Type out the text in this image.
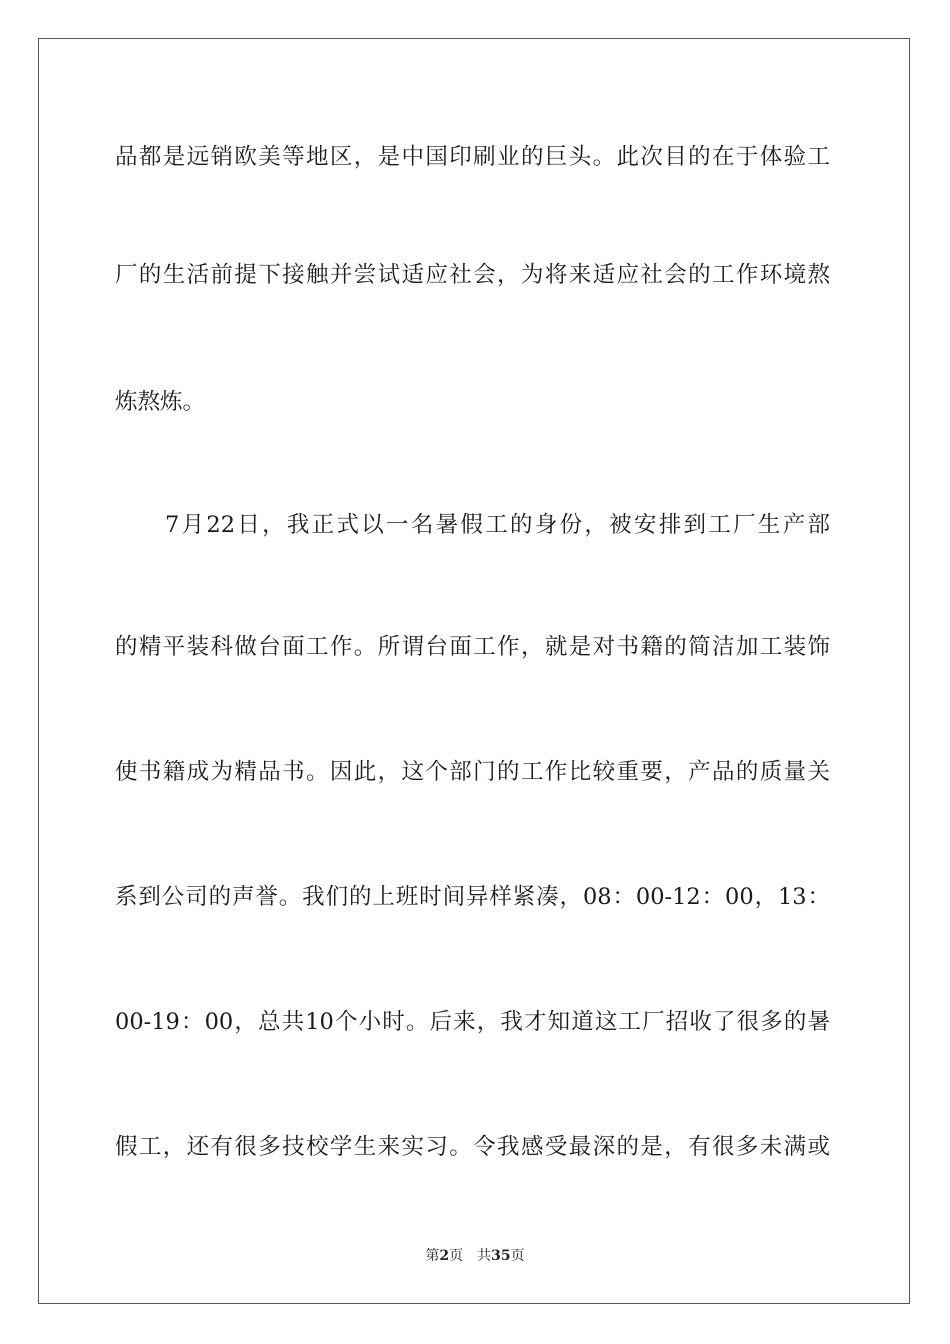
品都是远销欧美等地区，是中国印刷业的巨头。此次目的在于体验工
厂的生活前提下接触并尝试适应社会，为将来适应社会的工作环境熬
炼熬炼。
7月22日，我正式以一名暑假工的身份，被安排到工厂生产部
的精平装科做台面工作。所谓台面工作，就是对书籍的简洁加工装饰
使书籍成为精品书。因此，这个部门的工作比较重要，产品的质量关
系到公司的声誉。我们的上班时间异样紧凑，08：00-12：00，13：
00-19：00，总共10个小时。后来，我才知道这工厂招收了很多的暑
假工，还有很多技校学生来实习。令我感受最深的是，有很多未满或
第2页 共35页
